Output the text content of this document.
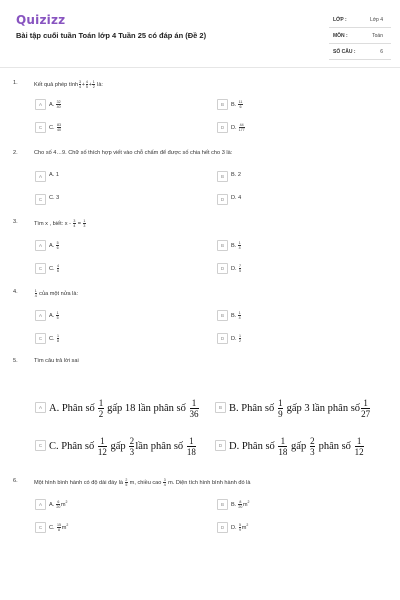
Quizizz
Bài tập cuối tuần Toán lớp 4 Tuần 25 có đáp án (Đề 2)
LỚP :	Lớp 4
MÔN :	Toán
SỐ CÂU :	6
1.	Kết quả phép tính $\frac{3}{4} + \frac{4}{5} + \frac{1}{2}$ là:
A	A. $\frac{32}{40}$	B	B. $\frac{11}{6}$
C	C. $\frac{83}{40}$	D	D. $\frac{44}{177}$
2.	Cho số 4…9. Chữ số thích hợp viết vào chỗ chấm để được số chia hết cho 3 là:
A	A. 1	B	B. 2
C	C. 3	D	D. 4
3.	Tìm x , biết: $x - \frac{3}{4} = \frac{1}{3}$
A	A. $\frac{5}{6}$	B	B. $\frac{1}{4}$
C	C. $\frac{4}{6}$	D	D. $\frac{7}{5}$
4.	$\frac{1}{4}$ của một nửa là:
A	A. $\frac{1}{5}$	B	B. $\frac{1}{4}$
C	C. $\frac{1}{8}$	D	D. $\frac{1}{2}$
5.	Tìm câu trả lời sai
A A. Phân số $\frac{1}{2}$ gấp 18 lần phân số $\frac{1}{36}$	B B. Phân số $\frac{1}{9}$ gấp 3 lần phân số $\frac{1}{27}$
C C. Phân số $\frac{1}{12}$ gấp $\frac{2}{3}$ lần phân số $\frac{1}{18}$	D D. Phân số $\frac{1}{18}$ gấp $\frac{2}{3}$ phân số $\frac{1}{12}$
6.	Một hình bình hành có độ dài đáy là $\frac{2}{5} m$, chiều cao $\frac{3}{4} m$. Diện tích hình bình hành đó là
A	A. $\frac{6}{20} m^2$	B	B. $\frac{8}{20} m^2$
C	C. $\frac{15}{8} m^2$	D	D. $\frac{5}{9} m^2$
